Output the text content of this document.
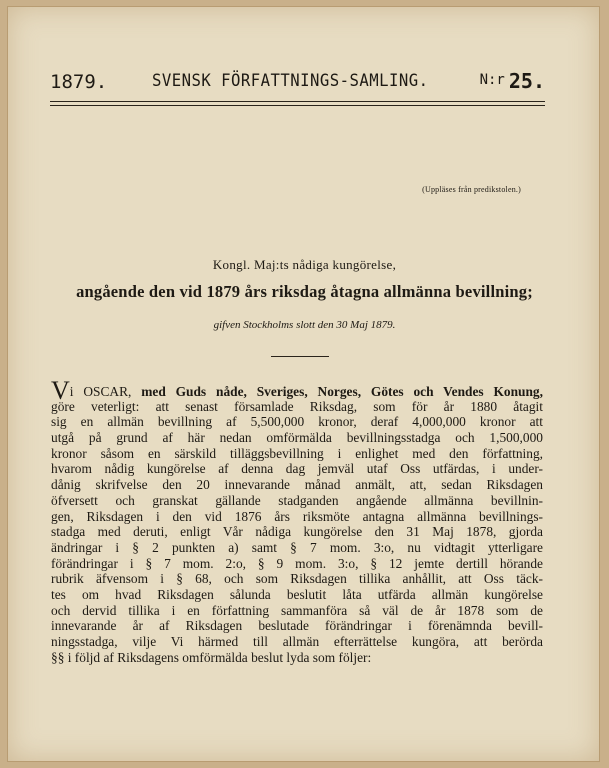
1879.	SVENSK FÖRFATTNINGS-SAMLING.	$^{N:r}$ 25.
(Uppläses från predikstolen.)
Kongl. Maj:ts nådiga kungörelse,
angående den vid 1879 års riksdag åtagna allmänna bevillning;
gifven Stockholms slott den 30 Maj 1879.
Vi OSCAR, med Guds nåde, Sveriges, Norges, Götes och Vendes Konung,
göre veterligt: att senast församlade Riksdag, som för år 1880 åtagit
sig en allmän bevillning af 5,500,000 kronor, deraf 4,000,000 kronor att
utgå på grund af här nedan omförmälda bevillningsstadga och 1,500,000
kronor såsom en särskild tilläggsbevillning i enlighet med den författning,
hvarom nådig kungörelse af denna dag jemväl utaf Oss utfärdas, i under-
dånig skrifvelse den 20 innevarande månad anmält, att, sedan Riksdagen
öfversett och granskat gällande stadganden angående allmänna bevillnin-
gen, Riksdagen i den vid 1876 års riksmöte antagna allmänna bevillnings-
stadga med deruti, enligt Vår nådiga kungörelse den 31 Maj 1878, gjorda
ändringar i § 2 punkten a) samt § 7 mom. 3:o, nu vidtagit ytterligare
förändringar i § 7 mom. 2:o, § 9 mom. 3:o, § 12 jemte dertill hörande
rubrik äfvensom i § 68, och som Riksdagen tillika anhållit, att Oss täck-
tes om hvad Riksdagen sålunda beslutit låta utfärda allmän kungörelse
och dervid tillika i en författning sammanföra så väl de år 1878 som de
innevarande år af Riksdagen beslutade förändringar i förenämnda bevill-
ningsstadga, vilje Vi härmed till allmän efterrättelse kungöra, att berörda
§§ i följd af Riksdagens omförmälda beslut lyda som följer:
